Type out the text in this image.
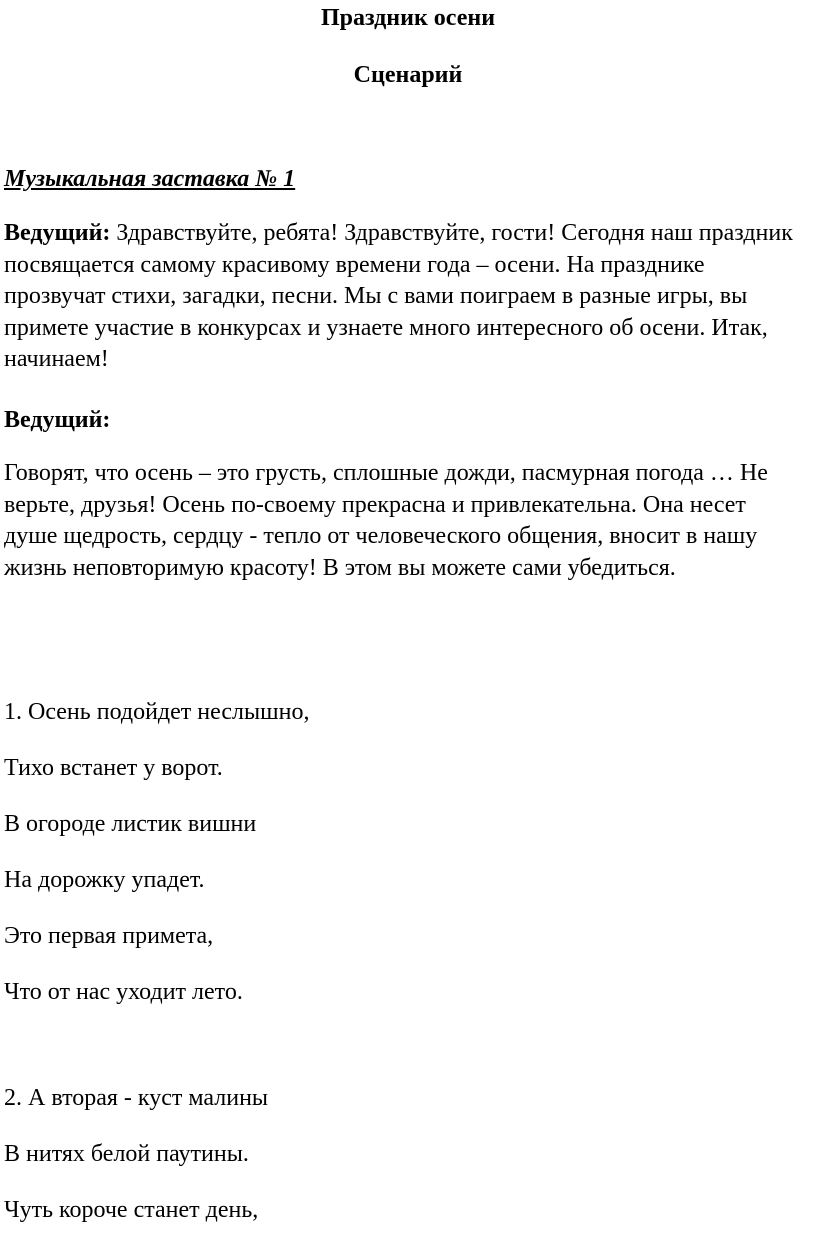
Праздник осени

Сценарий

Музыкальная заставка № 1

Ведущий: Здравствуйте, ребята! Здравствуйте, гости! Сегодня наш праздник посвящается самому красивому времени года – осени. На празднике прозвучат стихи, загадки, песни. Мы с вами поиграем в разные игры, вы примете участие в конкурсах и узнаете много интересного об осени. Итак, начинаем!

Ведущий:

Говорят, что осень – это грусть, сплошные дожди, пасмурная погода … Не верьте, друзья! Осень по-своему прекрасна и привлекательна. Она несет душе щедрость, сердцу - тепло от человеческого общения, вносит в нашу жизнь неповторимую красоту! В этом вы можете сами убедиться.

1. Осень подойдет неслышно,

Тихо встанет у ворот.

В огороде листик вишни

На дорожку упадет.

Это первая примета,

Что от нас уходит лето.

2. А вторая - куст малины

В нитях белой паутины.

Чуть короче станет день,
